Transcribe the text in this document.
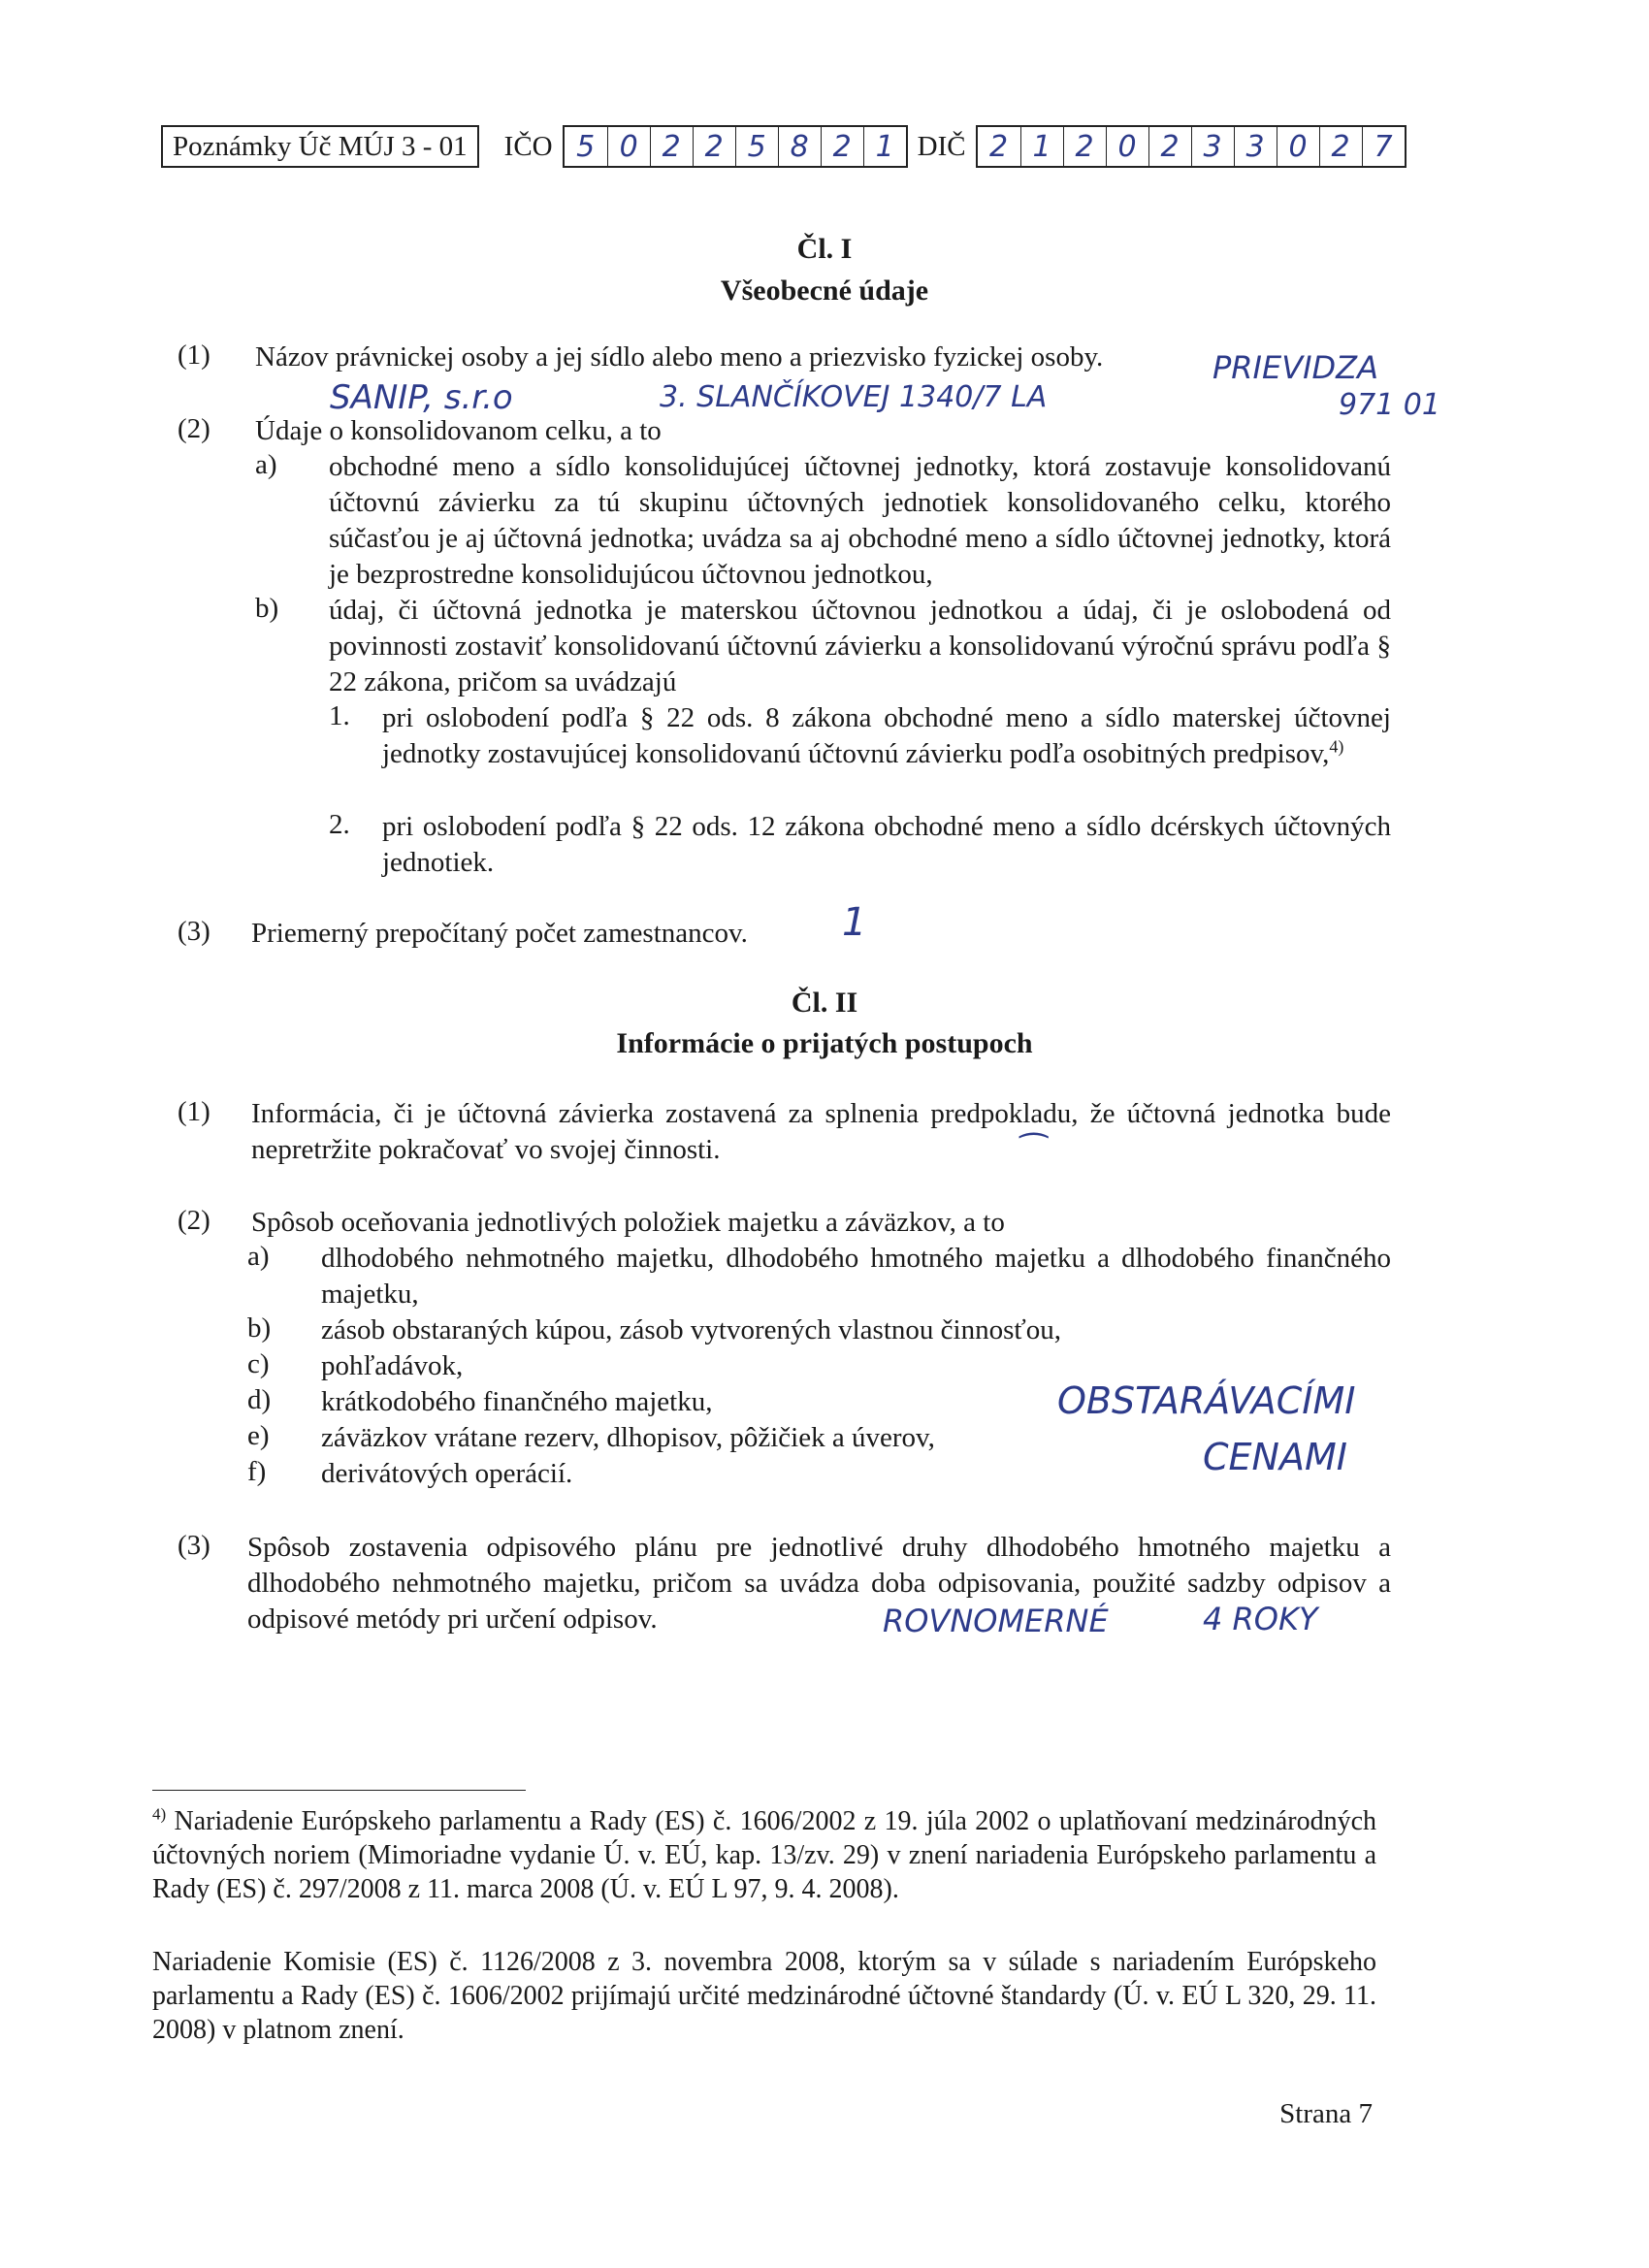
Poznámky Úč MÚJ 3 - 01	IČO 5 0 2 2 5 8 2 1 DIČ 2 1 2 0 2 3 3 0 2 7
Čl. I
Všeobecné údaje
(1) Názov právnickej osoby a jej sídlo alebo meno a priezvisko fyzickej osoby.
SANIP, s.r.o	3. SLANČÍKOVEJ 1340/7 LA
PRIEVIDZA
971 01
(2) Údaje o konsolidovanom celku, a to
a) obchodné meno a sídlo konsolidujúcej účtovnej jednotky, ktorá zostavuje konsolidovanú účtovnú závierku za tú skupinu účtovných jednotiek konsolidovaného celku, ktorého súčasťou je aj účtovná jednotka; uvádza sa aj obchodné meno a sídlo účtovnej jednotky, ktorá je bezprostredne konsolidujúcou účtovnou jednotkou,
b) údaj, či účtovná jednotka je materskou účtovnou jednotkou a údaj, či je oslobodená od povinnosti zostaviť konsolidovanú účtovnú závierku a konsolidovanú výročnú správu podľa § 22 zákona, pričom sa uvádzajú
1. pri oslobodení podľa § 22 ods. 8 zákona obchodné meno a sídlo materskej účtovnej jednotky zostavujúcej konsolidovanú účtovnú závierku podľa osobitných predpisov,$^{4)}$
2. pri oslobodení podľa § 22 ods. 12 zákona obchodné meno a sídlo dcérskych účtovných jednotiek.
(3) Priemerný prepočítaný počet zamestnancov.	1
Čl. II
Informácie o prijatých postupoch
(1) Informácia, či je účtovná závierka zostavená za splnenia predpokladu, že účtovná jednotka bude nepretržite pokračovať vo svojej činnosti.	⁀
(2) Spôsob oceňovania jednotlivých položiek majetku a záväzkov, a to
a) dlhodobého nehmotného majetku, dlhodobého hmotného majetku a dlhodobého finančného majetku,
b) zásob obstaraných kúpou, zásob vytvorených vlastnou činnosťou,
c) pohľadávok,
d) krátkodobého finančného majetku,
e) záväzkov vrátane rezerv, dlhopisov, pôžičiek a úverov,
f) derivátových operácií.
OBSTARÁVACÍMI
CENAMI
(3) Spôsob zostavenia odpisového plánu pre jednotlivé druhy dlhodobého hmotného majetku a dlhodobého nehmotného majetku, pričom sa uvádza doba odpisovania, použité sadzby odpisov a odpisové metódy pri určení odpisov.	ROVNOMERNÉ	4 ROKY
$^{4)}$ Nariadenie Európskeho parlamentu a Rady (ES) č. 1606/2002 z 19. júla 2002 o uplatňovaní medzinárodných účtovných noriem (Mimoriadne vydanie Ú. v. EÚ, kap. 13/zv. 29) v znení nariadenia Európskeho parlamentu a Rady (ES) č. 297/2008 z 11. marca 2008 (Ú. v. EÚ L 97, 9. 4. 2008).
Nariadenie Komisie (ES) č. 1126/2008 z 3. novembra 2008, ktorým sa v súlade s nariadením Európskeho parlamentu a Rady (ES) č. 1606/2002 prijímajú určité medzinárodné účtovné štandardy (Ú. v. EÚ L 320, 29. 11. 2008) v platnom znení.
Strana 7
